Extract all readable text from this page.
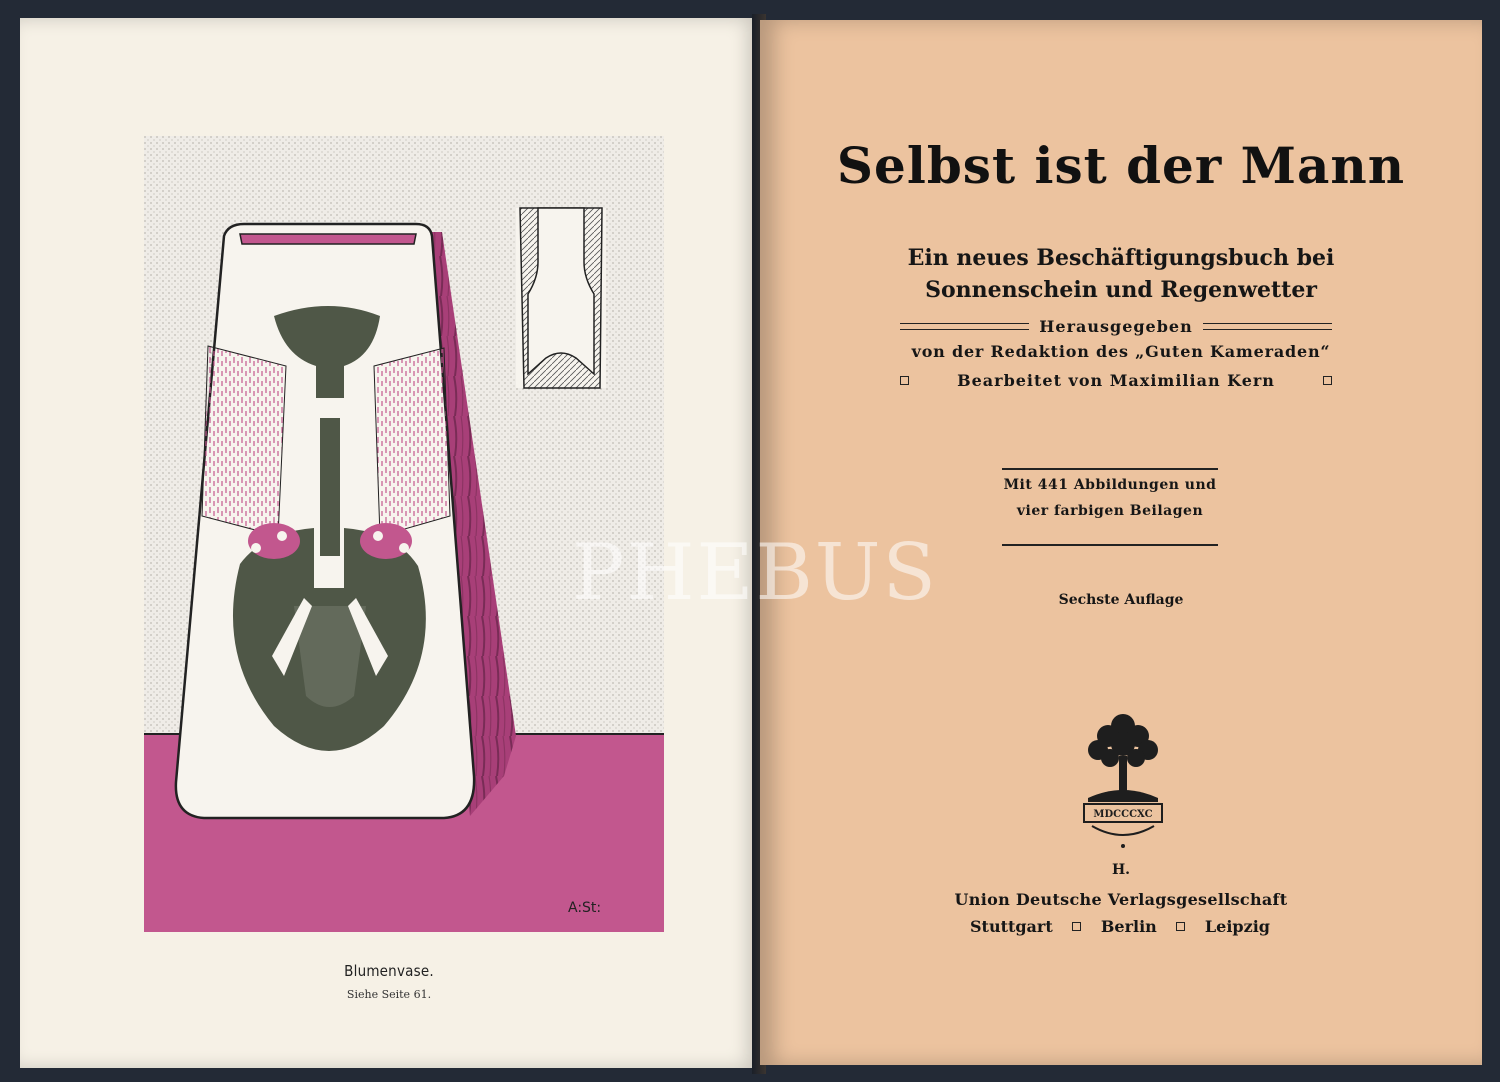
A:St:
Blumenvase.
Siehe Seite 61.
Ein neues Beschäftigungsbuch bei
Sonnenschein und Regenwetter
Herausgegeben
von der Redaktion des „Guten Kameraden“
Bearbeitet von Maximilian Kern
Mit 441 Abbildungen und
vier farbigen Beilagen
Sechste Auflage
MDCCCXC
H.
Union Deutsche Verlagsgesellschaft
Stuttgart	Berlin	Leipzig
Selbst ist der Mann
PHEBUS
